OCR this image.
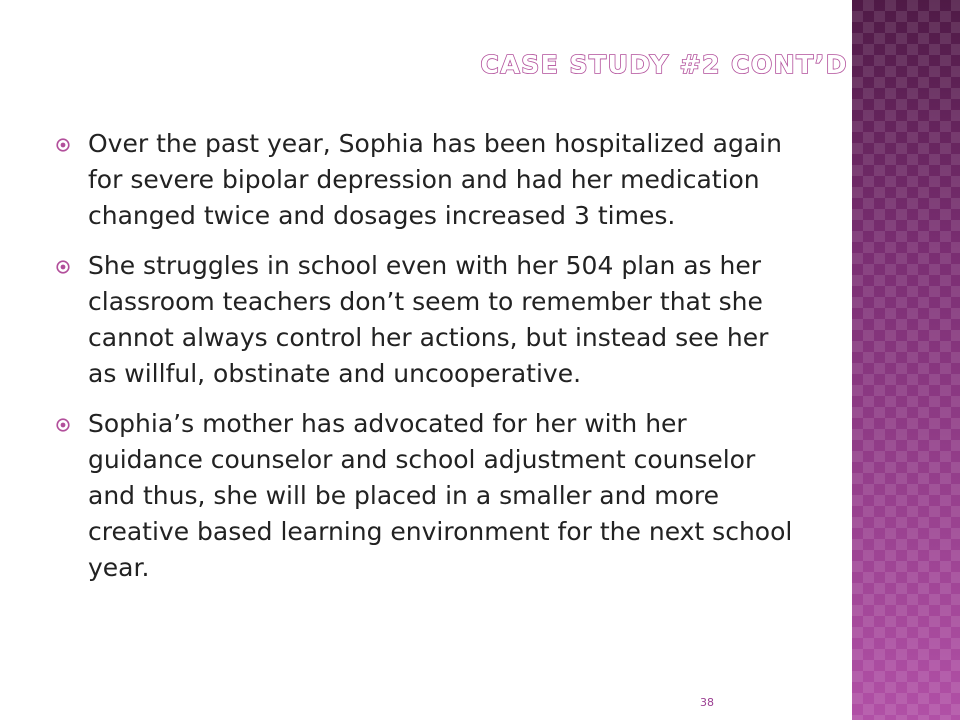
CASE STUDY #2 CONT’D
Over the past year, Sophia has been hospitalized again for severe bipolar depression and had her medication changed twice and dosages increased 3 times.
She struggles in school even with her 504 plan as her classroom teachers don’t seem to remember that she cannot always control her actions, but instead see her as willful, obstinate and uncooperative.
Sophia’s mother has advocated for her with her guidance counselor and school adjustment counselor and thus, she will be placed in a smaller and more creative based learning environment for the next school year.
38
